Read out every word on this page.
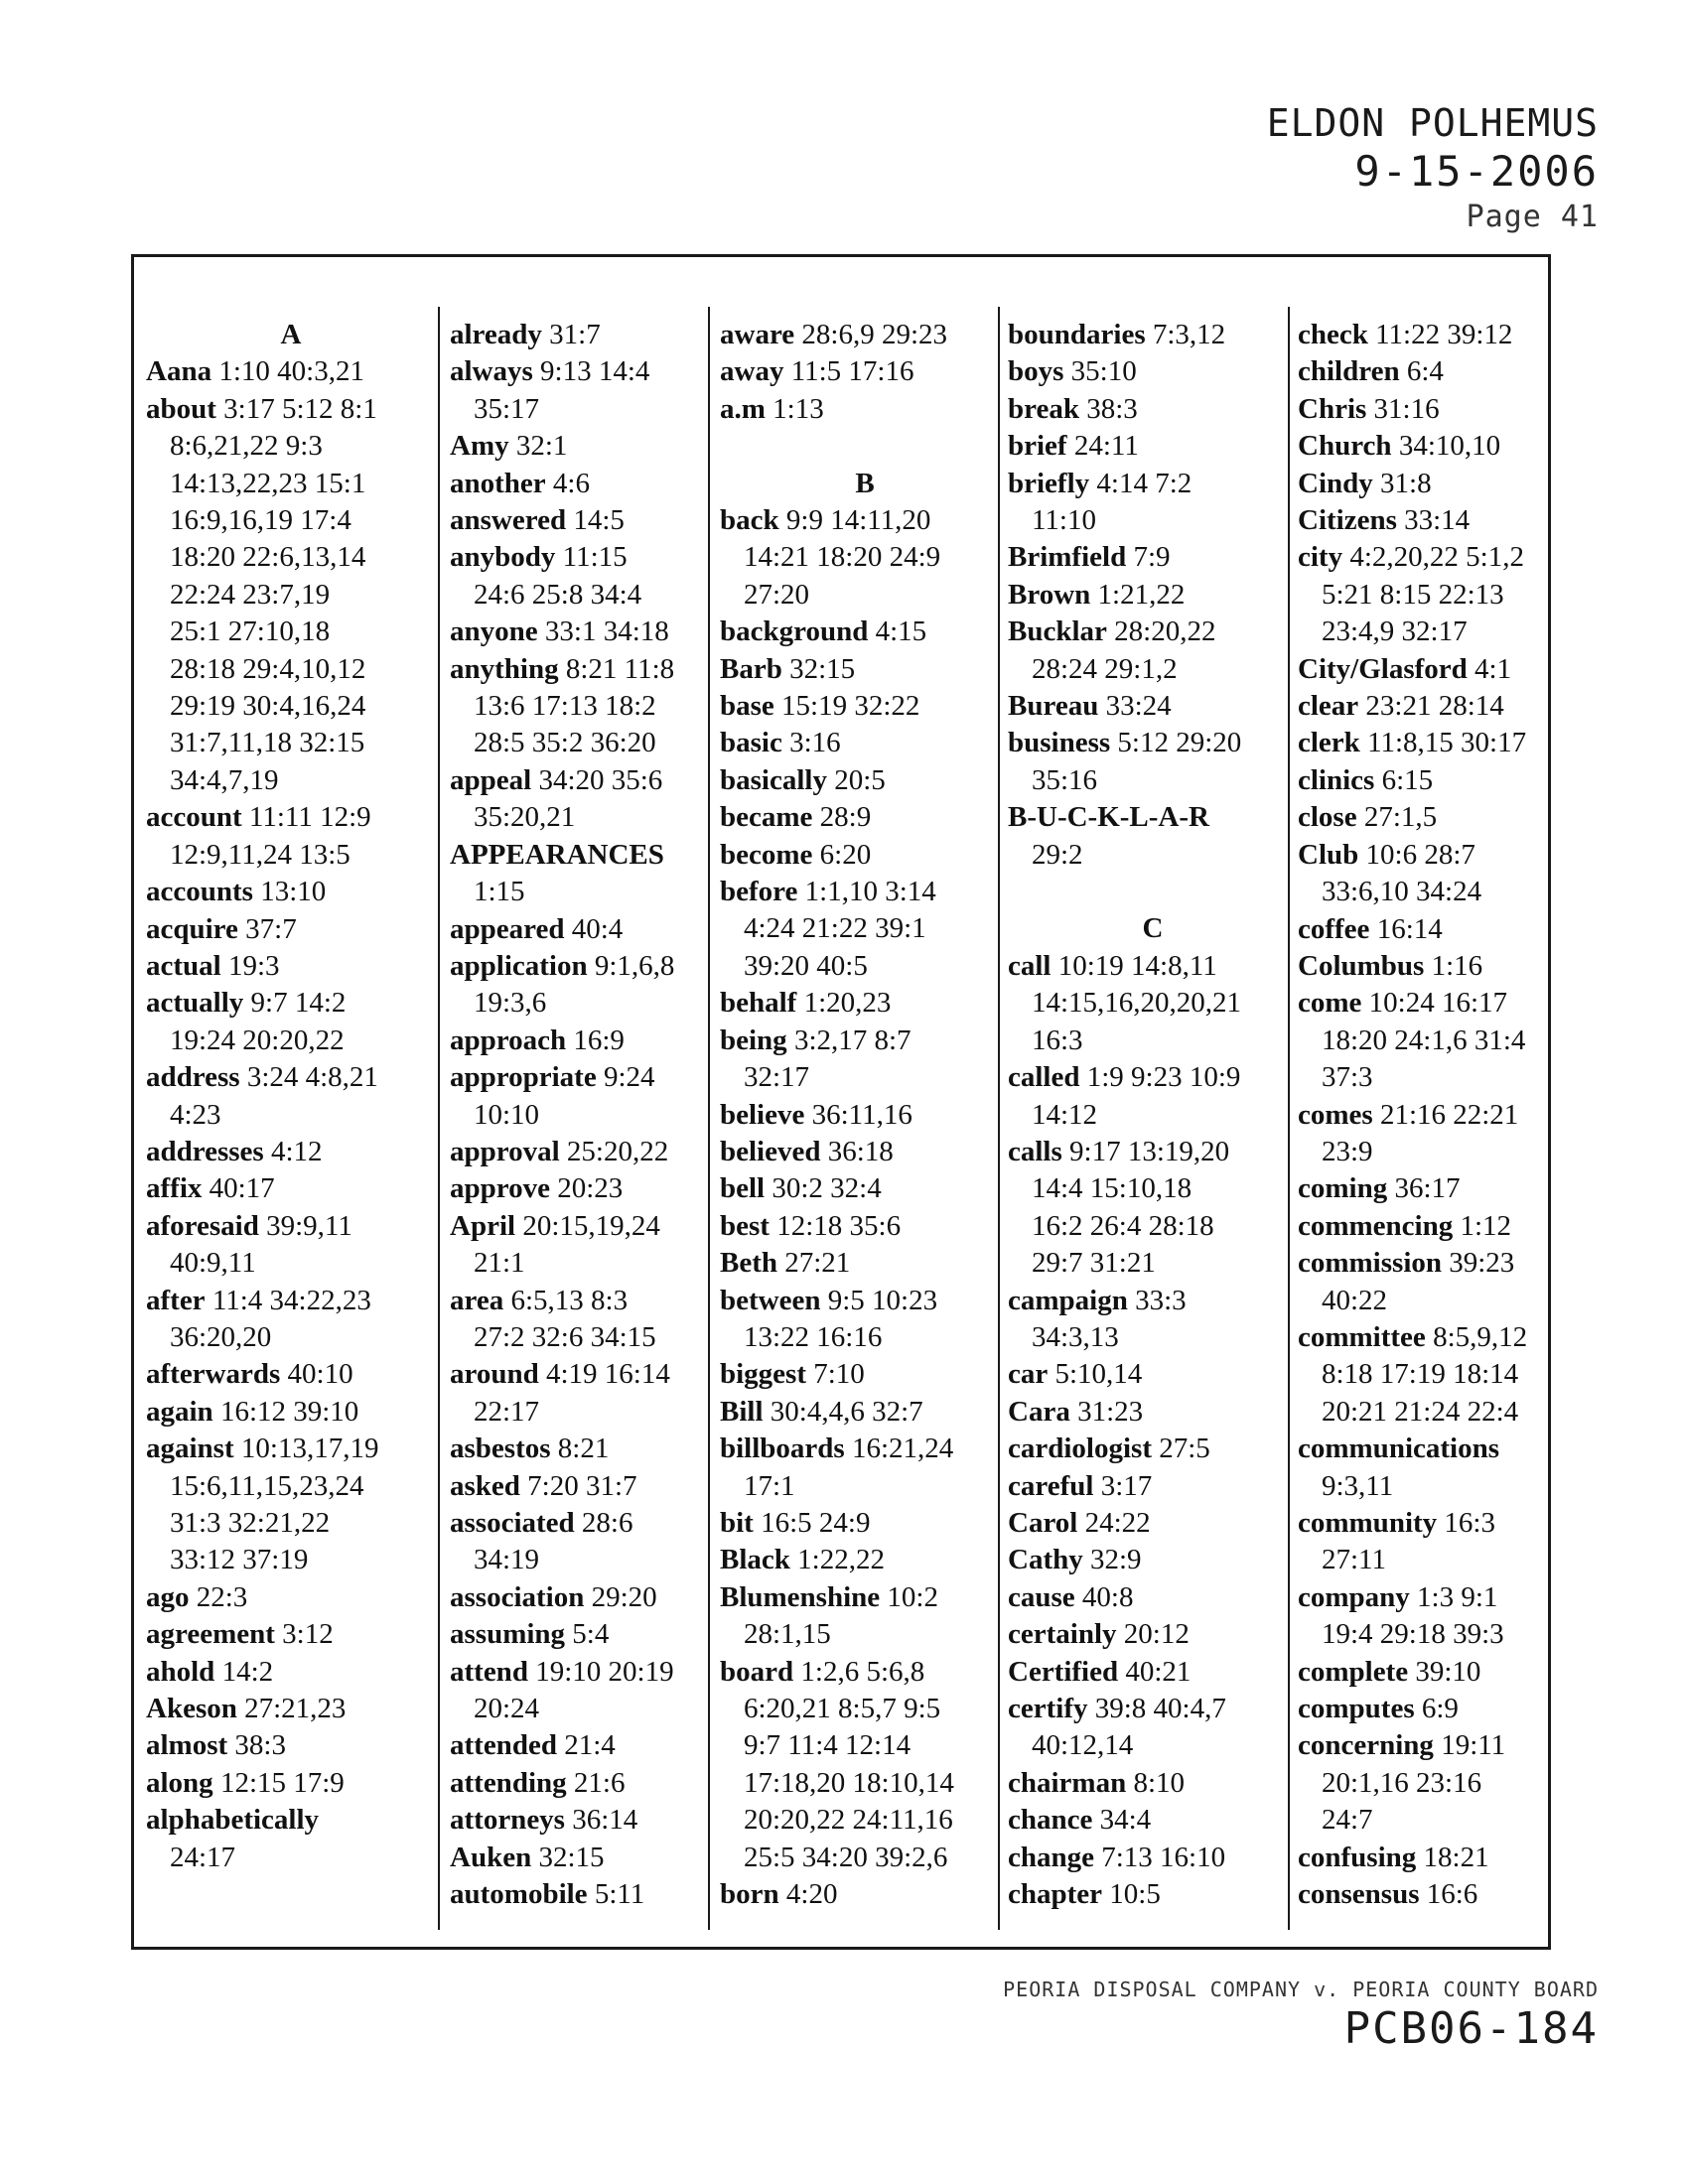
ELDON POLHEMUS
9-15-2006
Page 41
A
Aana 1:10 40:3,21
about 3:17 5:12 8:1
8:6,21,22 9:3
14:13,22,23 15:1
16:9,16,19 17:4
18:20 22:6,13,14
22:24 23:7,19
25:1 27:10,18
28:18 29:4,10,12
29:19 30:4,16,24
31:7,11,18 32:15
34:4,7,19
account 11:11 12:9
12:9,11,24 13:5
accounts 13:10
acquire 37:7
actual 19:3
actually 9:7 14:2
19:24 20:20,22
address 3:24 4:8,21
4:23
addresses 4:12
affix 40:17
aforesaid 39:9,11
40:9,11
after 11:4 34:22,23
36:20,20
afterwards 40:10
again 16:12 39:10
against 10:13,17,19
15:6,11,15,23,24
31:3 32:21,22
33:12 37:19
ago 22:3
agreement 3:12
ahold 14:2
Akeson 27:21,23
almost 38:3
along 12:15 17:9
alphabetically
24:17
already 31:7
always 9:13 14:4
35:17
Amy 32:1
another 4:6
answered 14:5
anybody 11:15
24:6 25:8 34:4
anyone 33:1 34:18
anything 8:21 11:8
13:6 17:13 18:2
28:5 35:2 36:20
appeal 34:20 35:6
35:20,21
APPEARANCES
1:15
appeared 40:4
application 9:1,6,8
19:3,6
approach 16:9
appropriate 9:24
10:10
approval 25:20,22
approve 20:23
April 20:15,19,24
21:1
area 6:5,13 8:3
27:2 32:6 34:15
around 4:19 16:14
22:17
asbestos 8:21
asked 7:20 31:7
associated 28:6
34:19
association 29:20
assuming 5:4
attend 19:10 20:19
20:24
attended 21:4
attending 21:6
attorneys 36:14
Auken 32:15
automobile 5:11
aware 28:6,9 29:23
away 11:5 17:16
a.m 1:13
B
back 9:9 14:11,20
14:21 18:20 24:9
27:20
background 4:15
Barb 32:15
base 15:19 32:22
basic 3:16
basically 20:5
became 28:9
become 6:20
before 1:1,10 3:14
4:24 21:22 39:1
39:20 40:5
behalf 1:20,23
being 3:2,17 8:7
32:17
believe 36:11,16
believed 36:18
bell 30:2 32:4
best 12:18 35:6
Beth 27:21
between 9:5 10:23
13:22 16:16
biggest 7:10
Bill 30:4,4,6 32:7
billboards 16:21,24
17:1
bit 16:5 24:9
Black 1:22,22
Blumenshine 10:2
28:1,15
board 1:2,6 5:6,8
6:20,21 8:5,7 9:5
9:7 11:4 12:14
17:18,20 18:10,14
20:20,22 24:11,16
25:5 34:20 39:2,6
born 4:20
boundaries 7:3,12
boys 35:10
break 38:3
brief 24:11
briefly 4:14 7:2
11:10
Brimfield 7:9
Brown 1:21,22
Bucklar 28:20,22
28:24 29:1,2
Bureau 33:24
business 5:12 29:20
35:16
B-U-C-K-L-A-R
29:2
C
call 10:19 14:8,11
14:15,16,20,20,21
16:3
called 1:9 9:23 10:9
14:12
calls 9:17 13:19,20
14:4 15:10,18
16:2 26:4 28:18
29:7 31:21
campaign 33:3
34:3,13
car 5:10,14
Cara 31:23
cardiologist 27:5
careful 3:17
Carol 24:22
Cathy 32:9
cause 40:8
certainly 20:12
Certified 40:21
certify 39:8 40:4,7
40:12,14
chairman 8:10
chance 34:4
change 7:13 16:10
chapter 10:5
check 11:22 39:12
children 6:4
Chris 31:16
Church 34:10,10
Cindy 31:8
Citizens 33:14
city 4:2,20,22 5:1,2
5:21 8:15 22:13
23:4,9 32:17
City/Glasford 4:1
clear 23:21 28:14
clerk 11:8,15 30:17
clinics 6:15
close 27:1,5
Club 10:6 28:7
33:6,10 34:24
coffee 16:14
Columbus 1:16
come 10:24 16:17
18:20 24:1,6 31:4
37:3
comes 21:16 22:21
23:9
coming 36:17
commencing 1:12
commission 39:23
40:22
committee 8:5,9,12
8:18 17:19 18:14
20:21 21:24 22:4
communications
9:3,11
community 16:3
27:11
company 1:3 9:1
19:4 29:18 39:3
complete 39:10
computes 6:9
concerning 19:11
20:1,16 23:16
24:7
confusing 18:21
consensus 16:6
PEORIA DISPOSAL COMPANY v. PEORIA COUNTY BOARD
PCB06-184
